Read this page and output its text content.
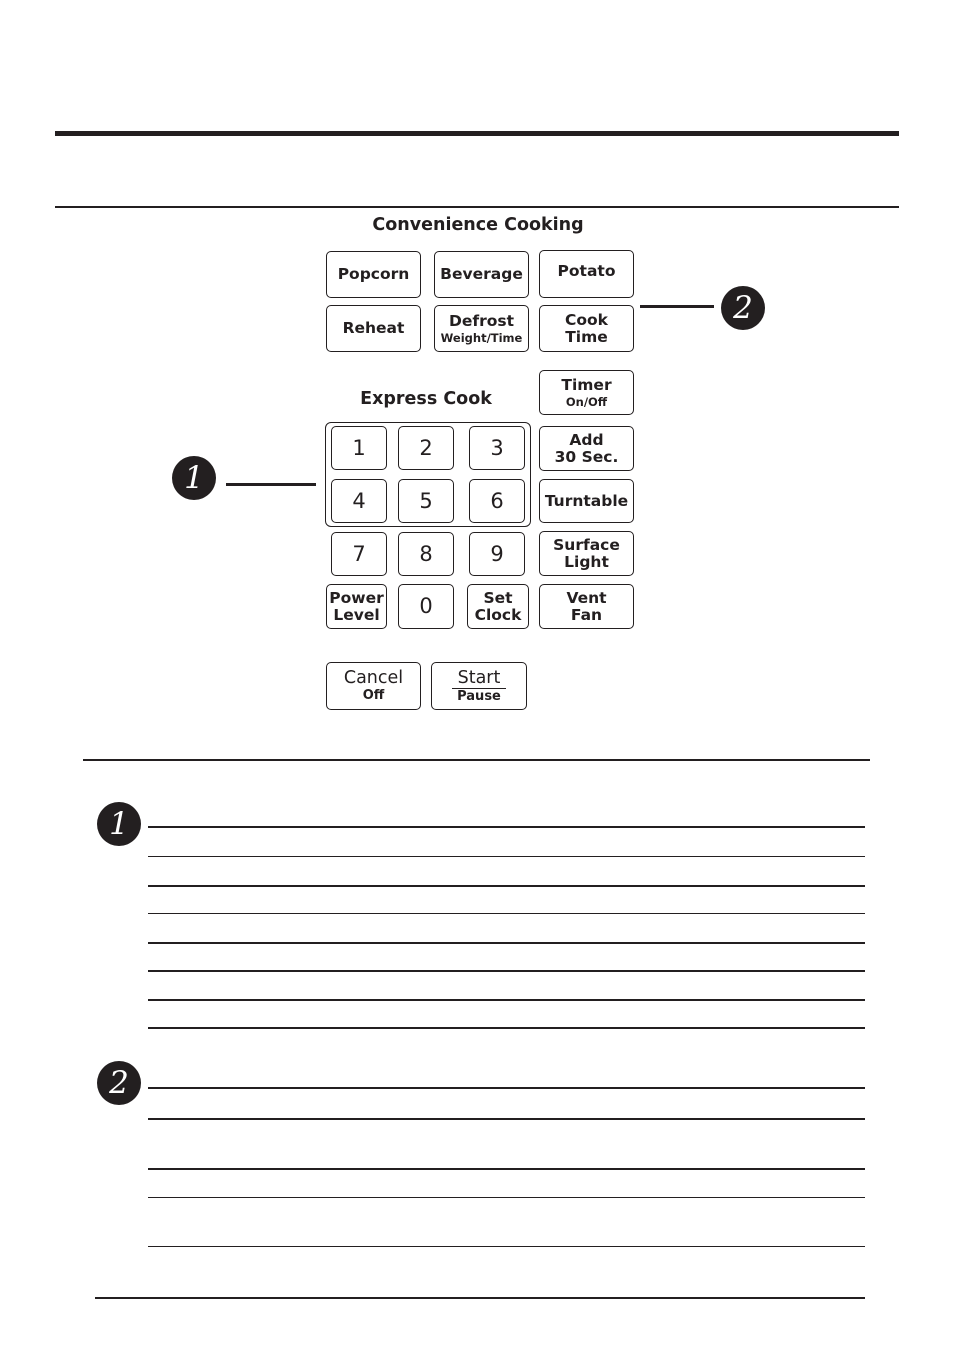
Convenience Cooking
Express Cook
Popcorn Beverage Potato
Reheat	Defrost
Weight/Time
Cook
Time
Timer
On/Off
Add
30 Sec.
Turntable
Surface
Light
Vent
Fan
1	2	3
4	5	6
7	8	9
Power
Level 0	Set
Clock
Cancel
Off
Start
Pause
1
2
1
2
